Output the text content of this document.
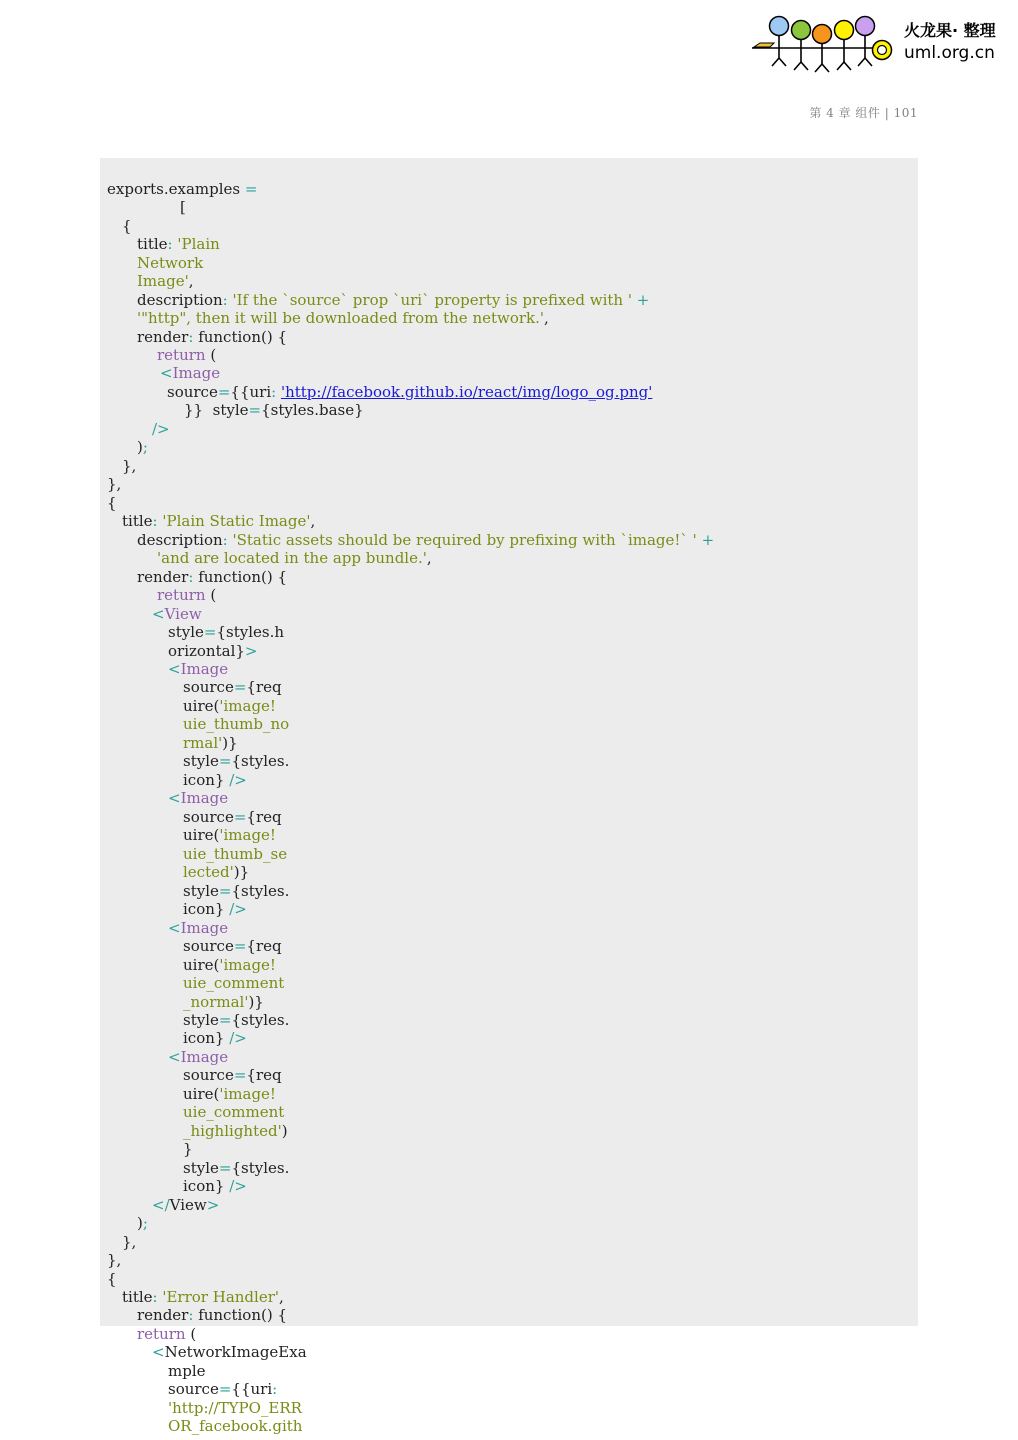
火龙果· 整理
uml.org.cn
第 4 章 组件 | 101
exports.examples =
[
{
title: 'Plain
Network
Image',
description: 'If the `source` prop `uri` property is prefixed with ' +
'"http", then it will be downloaded from the network.',
render: function() {
return (
<Image
source={{uri: 'http://facebook.github.io/react/img/logo_og.png'
}}  style={styles.base}
/>
);
},
},
{
title: 'Plain Static Image',
description: 'Static assets should be required by prefixing with `image!` ' +
'and are located in the app bundle.',
render: function() {
return (
<View
style={styles.h
orizontal}>
<Image
source={req
uire('image!
uie_thumb_no
rmal')}
style={styles.
icon} />
<Image
source={req
uire('image!
uie_thumb_se
lected')}
style={styles.
icon} />
<Image
source={req
uire('image!
uie_comment
_normal')}
style={styles.
icon} />
<Image
source={req
uire('image!
uie_comment
_highlighted')
}
style={styles.
icon} />
</View>
);
},
},
{
title: 'Error Handler',
render: function() {
return (
<NetworkImageExa
mple
source={{uri:
'http://TYPO_ERR
OR_facebook.gith
